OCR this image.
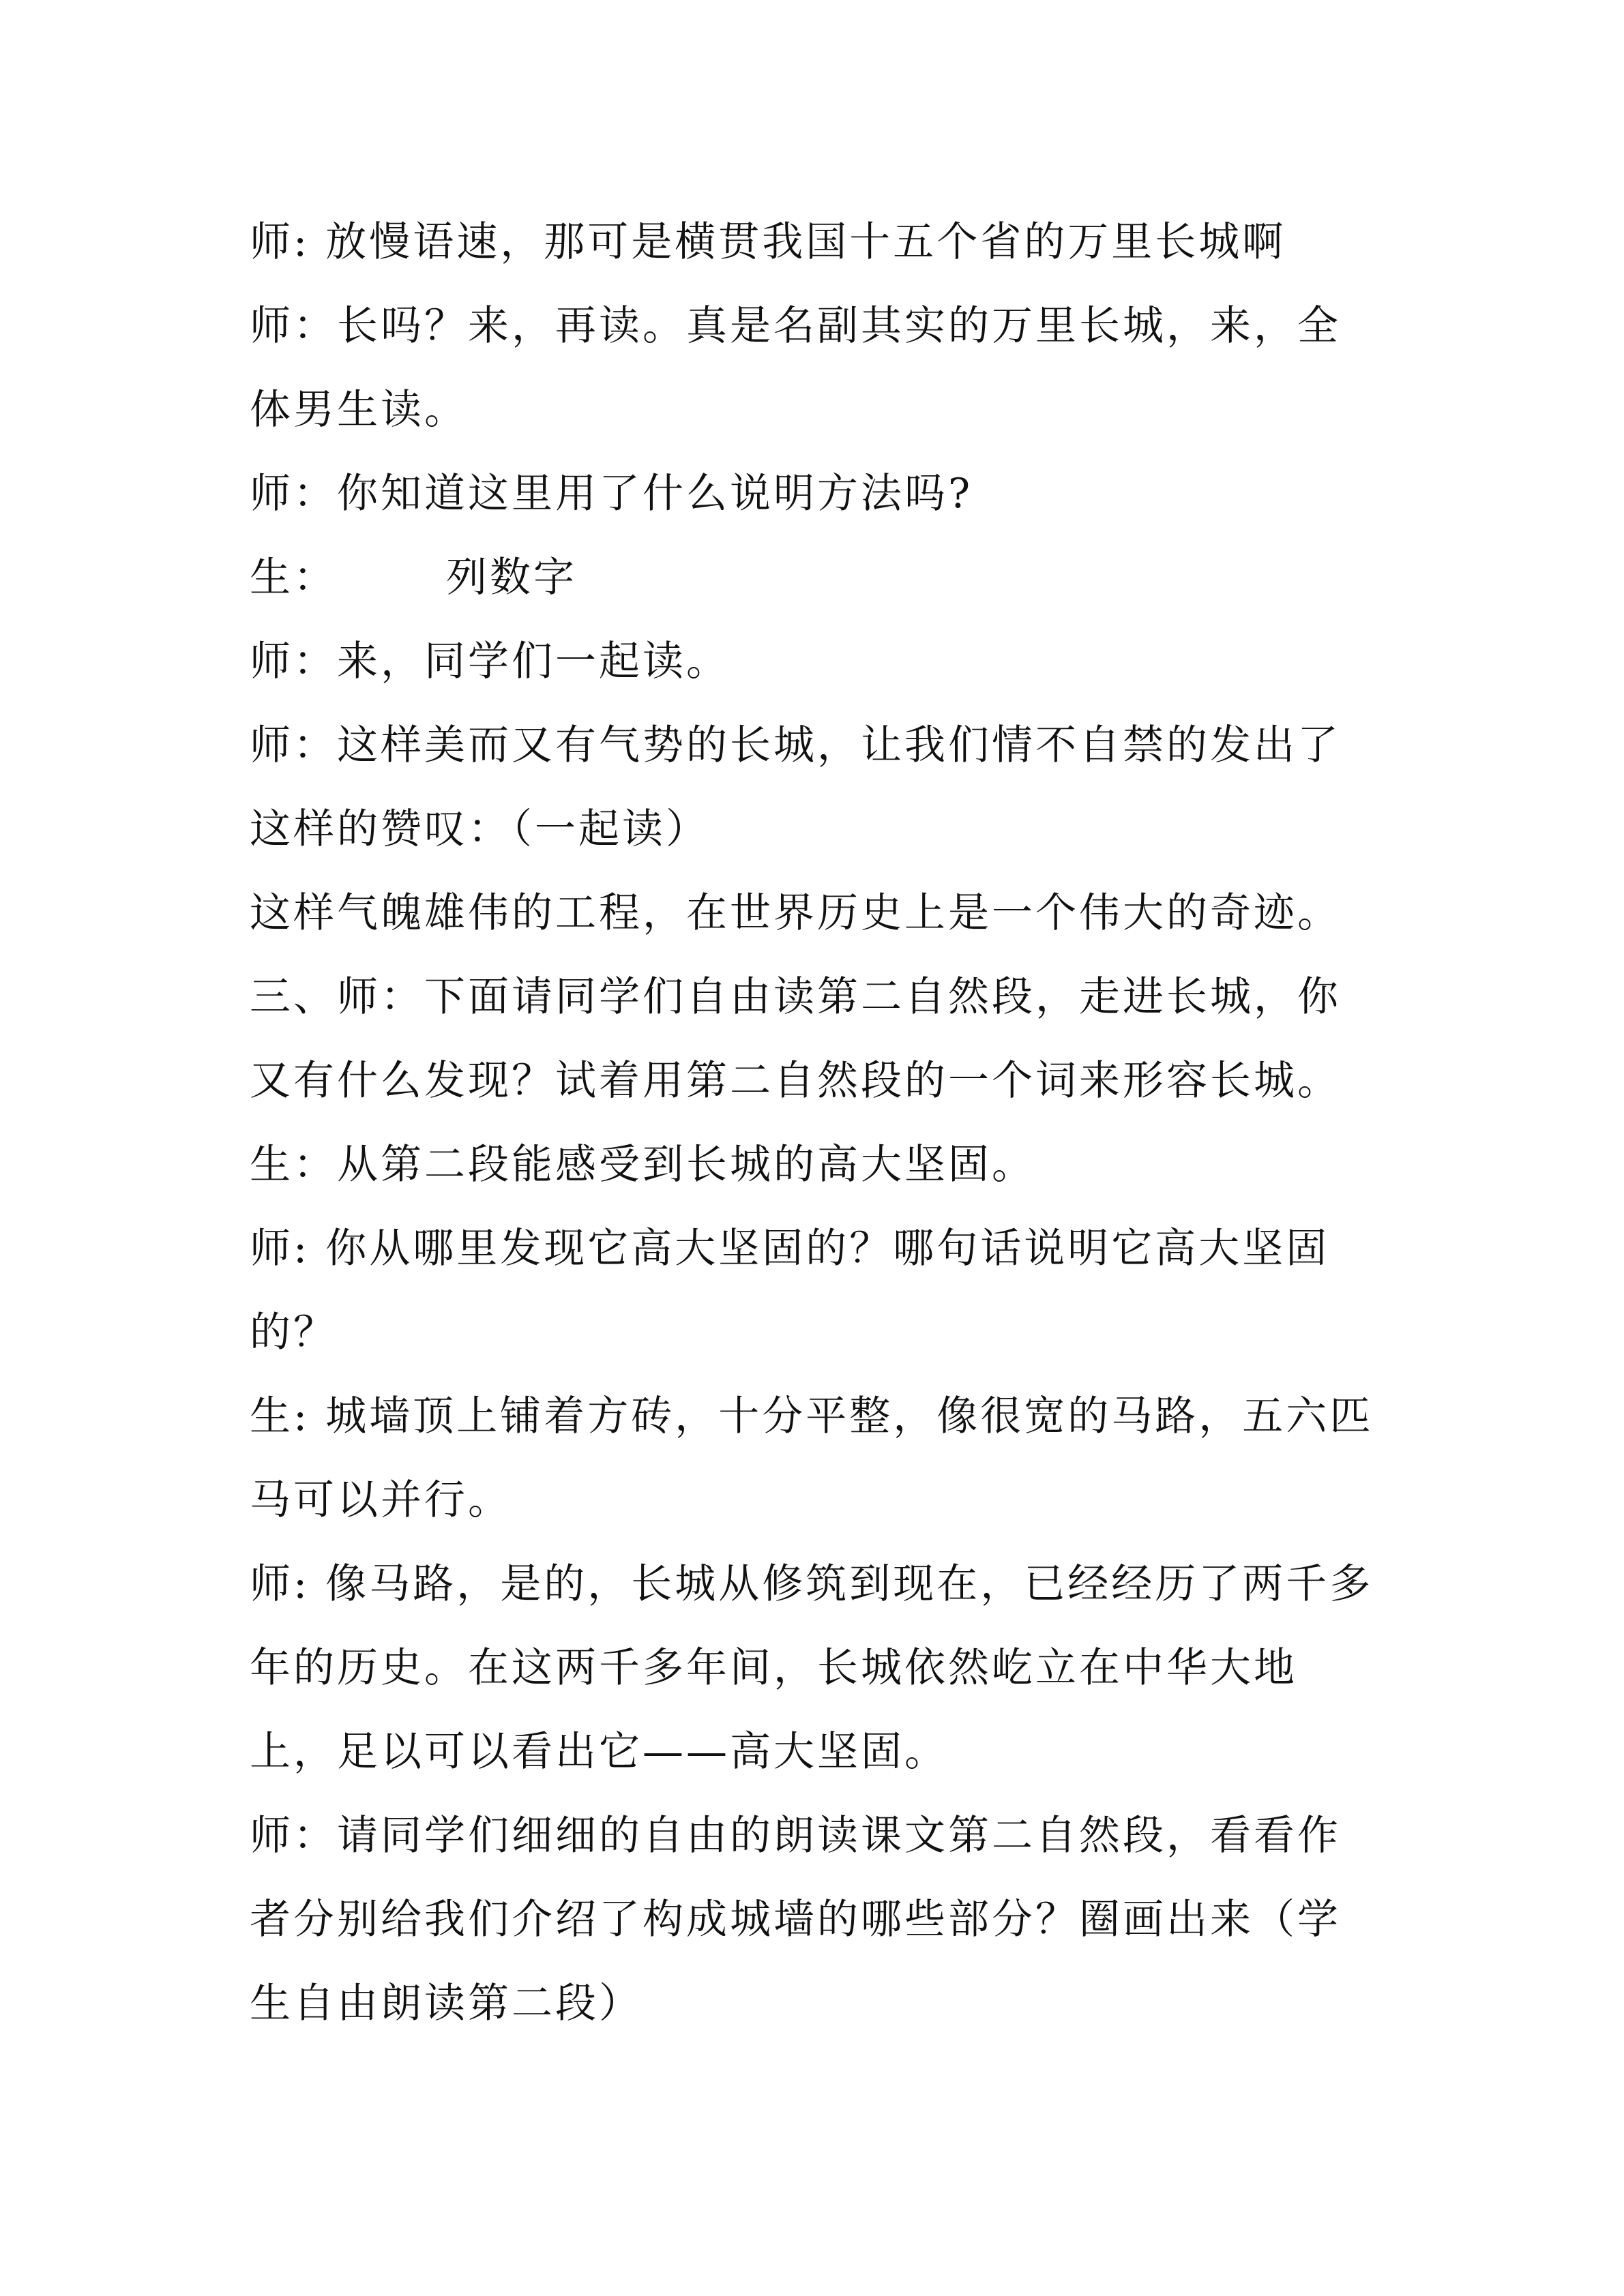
师: 放慢语速，那可是横贯我国十五个省的万里长城啊
师：长吗？来，再读。真是名副其实的万里长城，来，全
体男生读。
师：你知道这里用了什么说明方法吗?
生：	列数字
师：来，同学们一起读。
师：这样美而又有气势的长城，让我们情不自禁的发出了
这样的赞叹：（一起读）
这样气魄雄伟的工程，在世界历史上是一个伟大的奇迹。
三、师：下面请同学们自由读第二自然段，走进长城，你
又有什么发现？试着用第二自然段的一个词来形容长城。
生：从第二段能感受到长城的高大坚固。
师: 你从哪里发现它高大坚固的？哪句话说明它高大坚固
的？
生: 城墙顶上铺着方砖，十分平整，像很宽的马路，五六匹
马可以并行。
师: 像马路，是的，长城从修筑到现在，已经经历了两千多
年的历史。在这两千多年间，长城依然屹立在中华大地
上，足以可以看出它——高大坚固。
师：请同学们细细的自由的朗读课文第二自然段，看看作
者分别给我们介绍了构成城墙的哪些部分？圈画出来（学
生自由朗读第二段）
